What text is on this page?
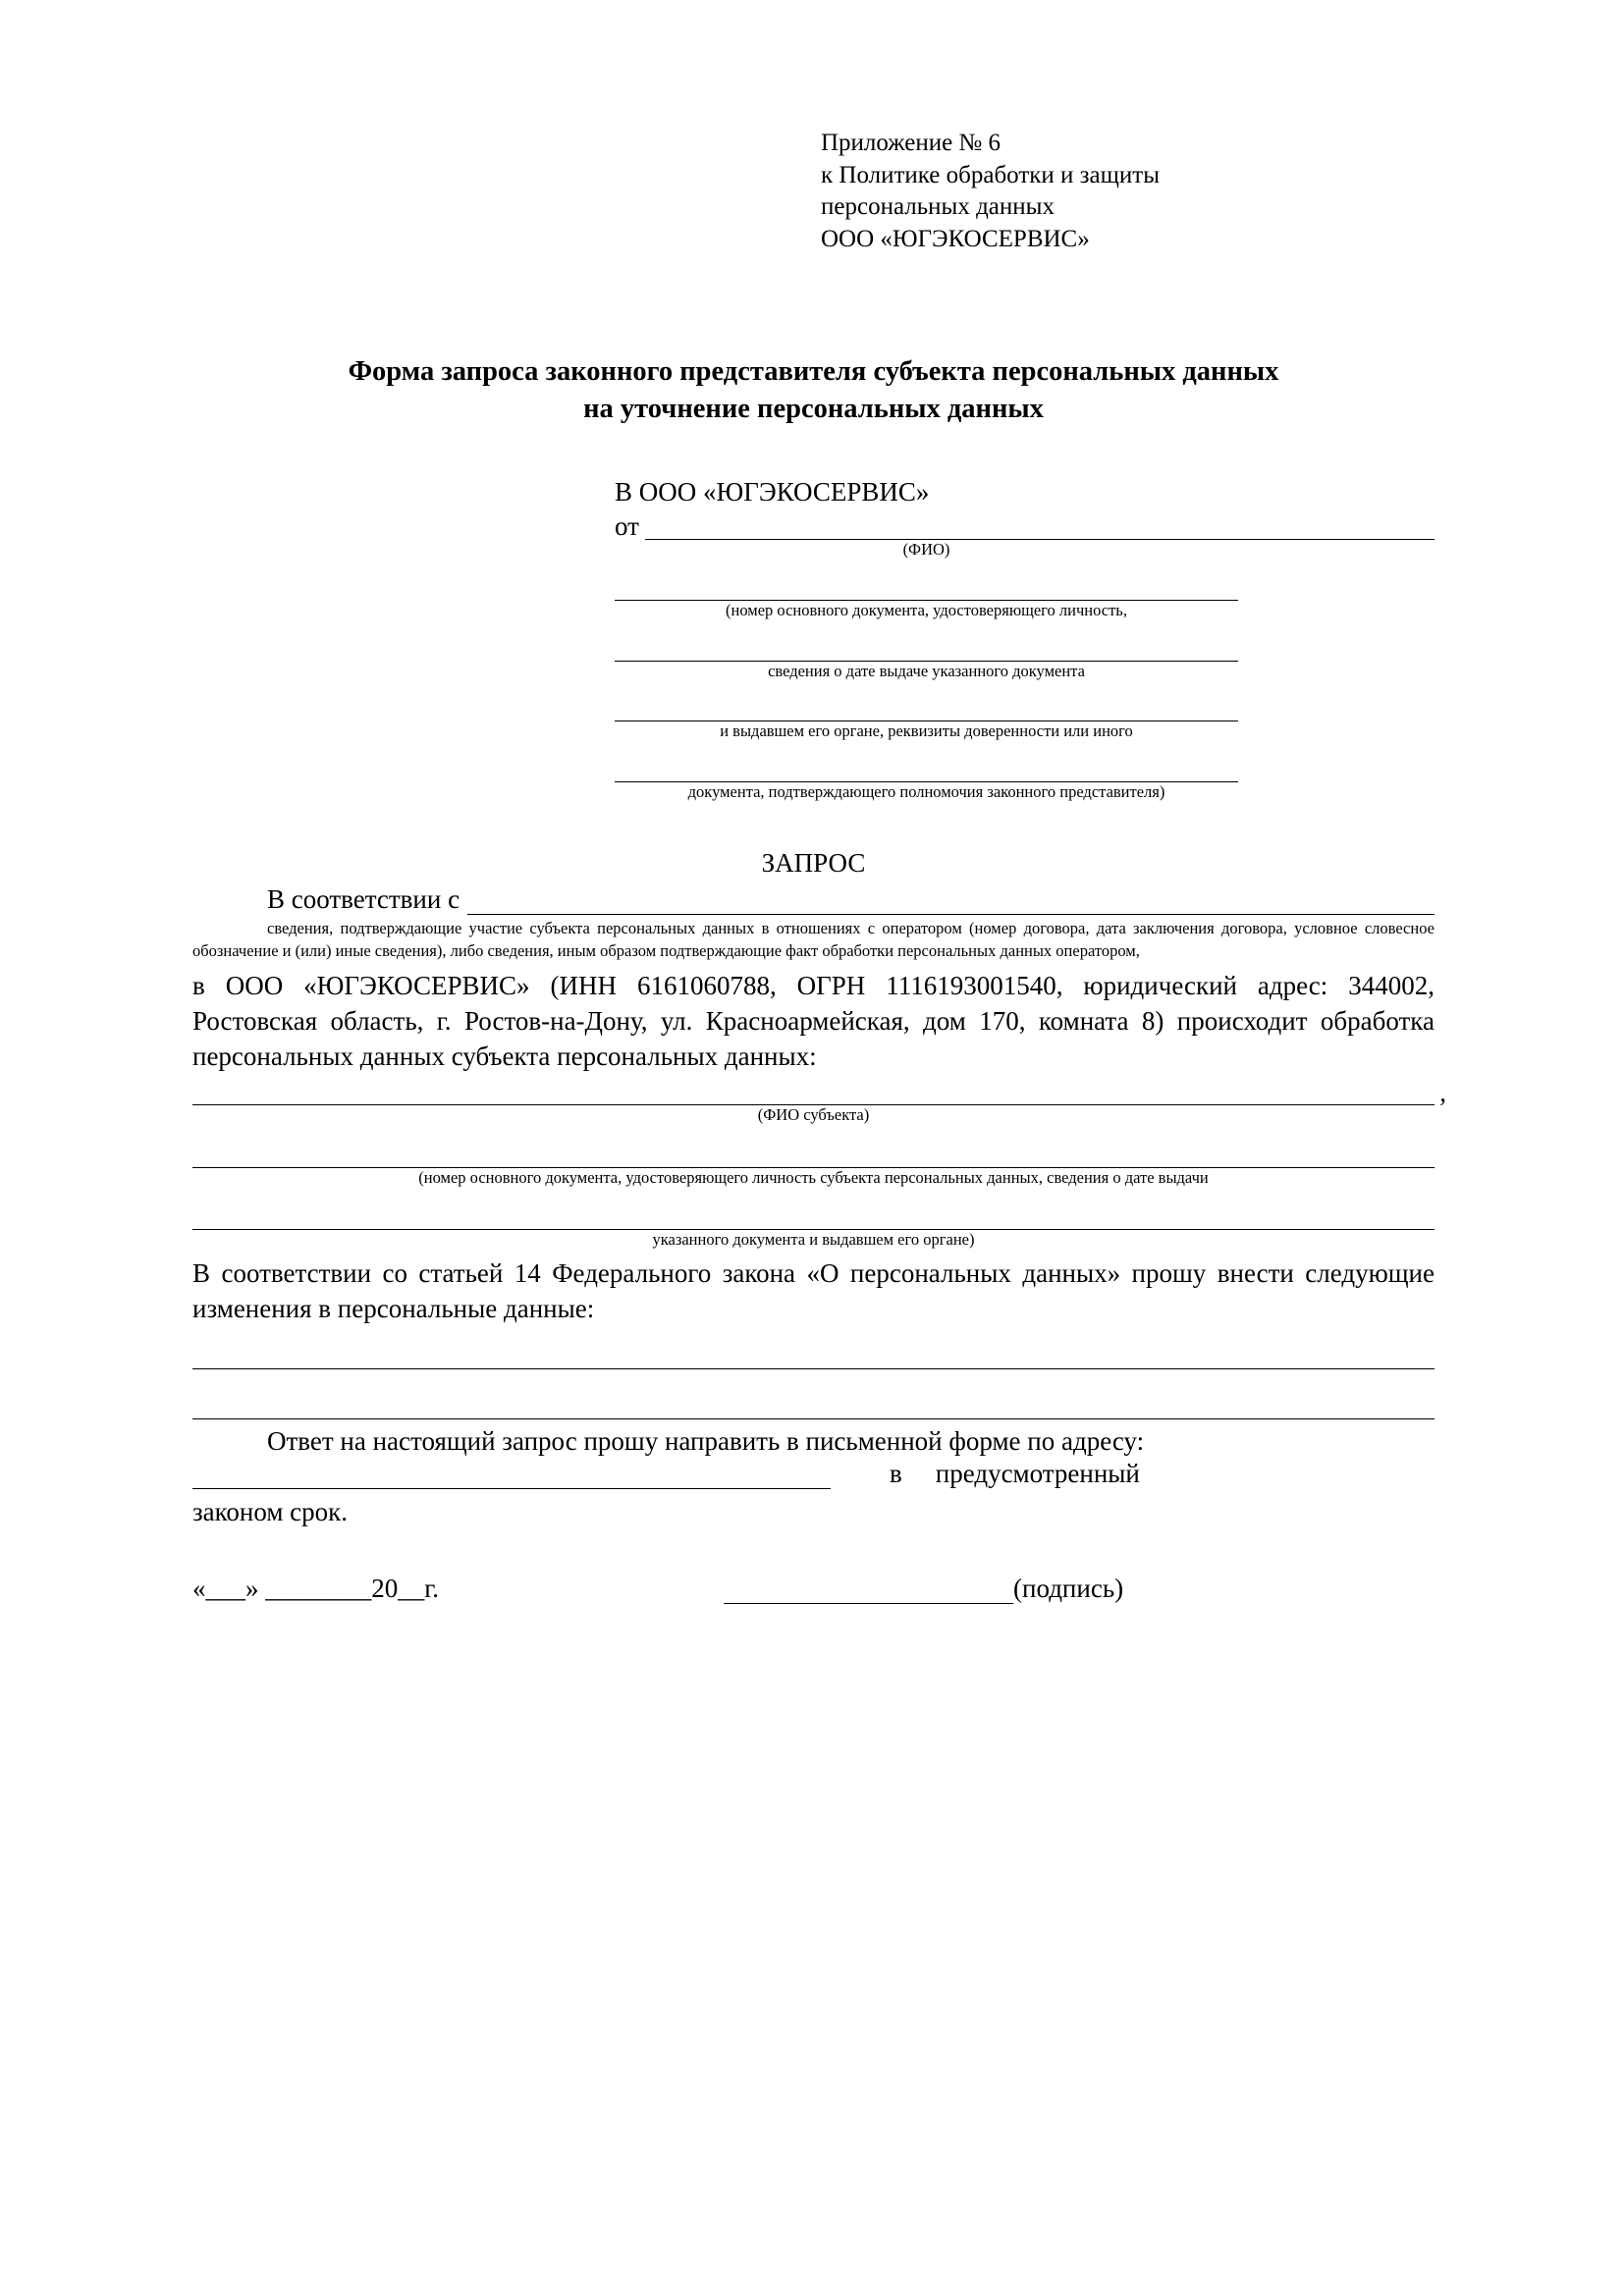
Приложение № 6
к Политике обработки и защиты
персональных данных
ООО «ЮГЭКОСЕРВИС»
Форма запроса законного представителя субъекта персональных данных
на уточнение персональных данных
В ООО «ЮГЭКОСЕРВИС»
от
(ФИО)
(номер основного документа, удостоверяющего личность,
сведения о дате выдаче указанного документа
и выдавшем его органе, реквизиты доверенности или иного
документа, подтверждающего полномочия законного представителя)
ЗАПРОС
В соответствии с
сведения, подтверждающие участие субъекта персональных данных в отношениях с оператором (номер договора, дата заключения договора, условное словесное обозначение и (или) иные сведения), либо сведения, иным образом подтверждающие факт обработки персональных данных оператором,
в ООО «ЮГЭКОСЕРВИС» (ИНН 6161060788, ОГРН 1116193001540, юридический адрес: 344002, Ростовская область, г. Ростов-на-Дону, ул. Красноармейская, дом 170, комната 8) происходит обработка персональных данных субъекта персональных данных:
,
(ФИО субъекта)
(номер основного документа, удостоверяющего личность субъекта персональных данных, сведения о дате выдачи
указанного документа и выдавшем его органе)
В соответствии со статьей 14 Федерального закона «О персональных данных» прошу внести следующие изменения в персональные данные:
Ответ на настоящий запрос прошу направить в письменной форме по адресу:
в	предусмотренный
законом срок.
«___» ________20__г.	(подпись)
